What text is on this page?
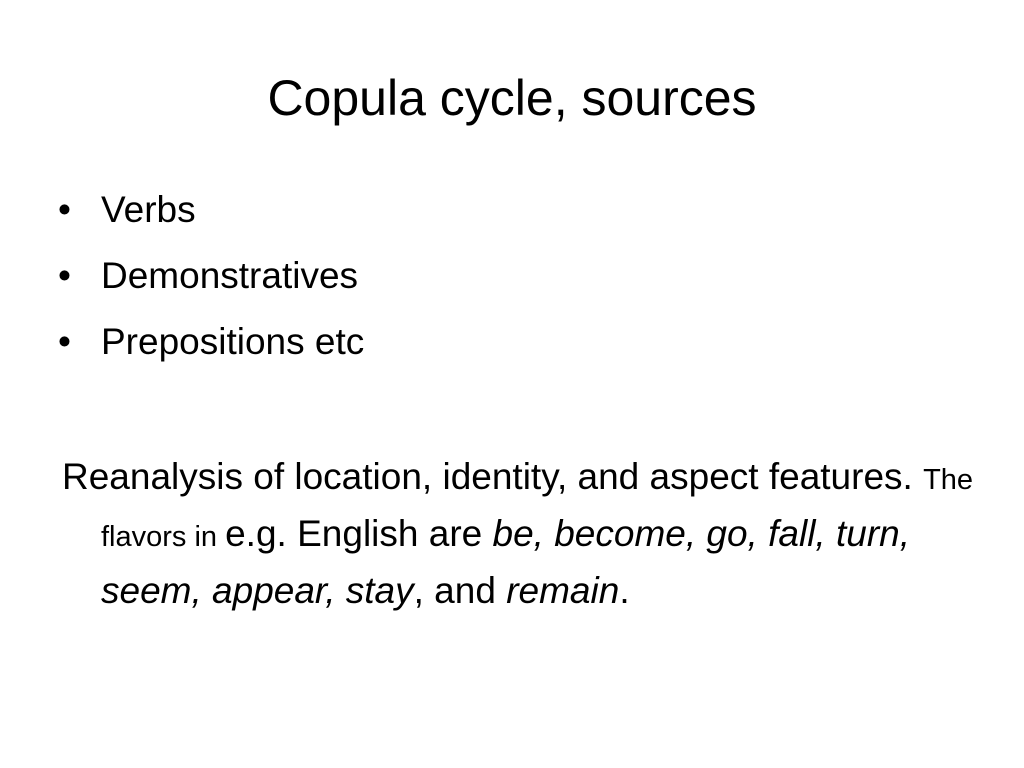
Copula cycle, sources
• Verbs
• Demonstratives
• Prepositions etc

Reanalysis of location, identity, and aspect features. The flavors in e.g. English are be, become, go, fall, turn, seem, appear, stay, and remain.
